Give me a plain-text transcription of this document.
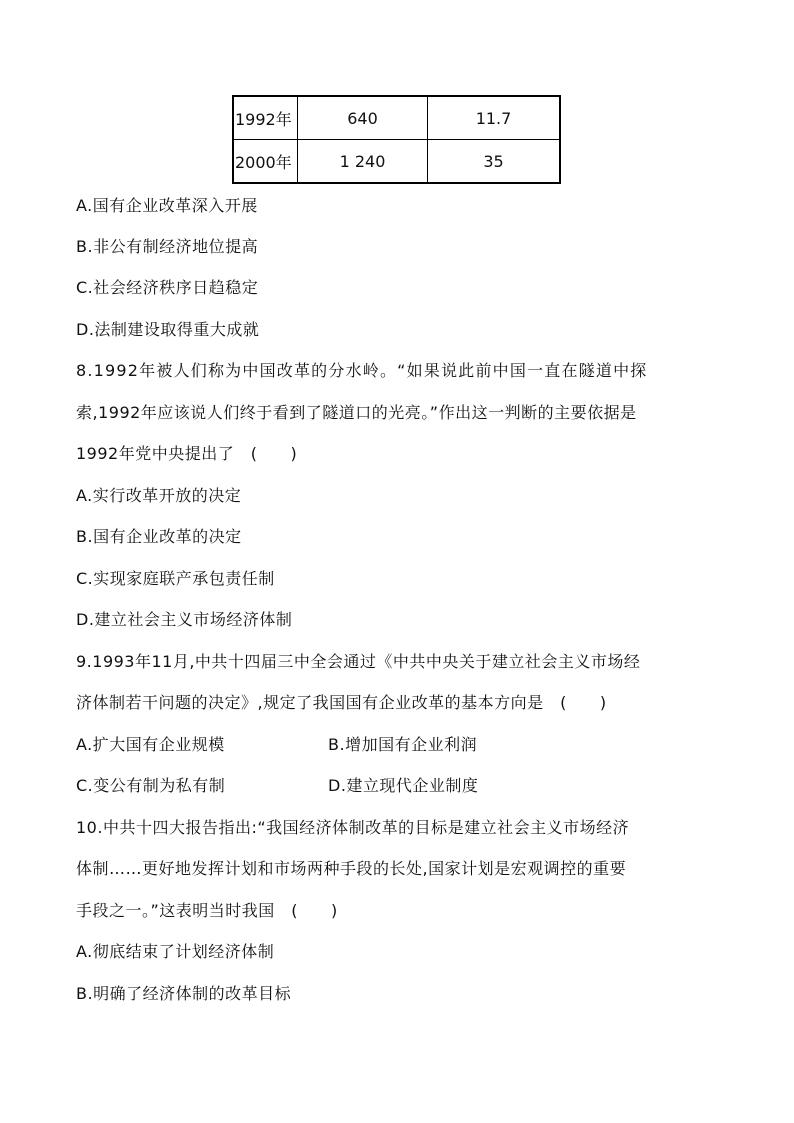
1992年	640	11.7
2000年	1 240	35
A.国有企业改革深入开展
B.非公有制经济地位提高
C.社会经济秩序日趋稳定
D.法制建设取得重大成就
8.1992年被人们称为中国改革的分水岭。“如果说此前中国一直在隧道中探
索,1992年应该说人们终于看到了隧道口的光亮。”作出这一判断的主要依据是
1992年党中央提出了　(　　)
A.实行改革开放的决定
B.国有企业改革的决定
C.实现家庭联产承包责任制
D.建立社会主义市场经济体制
9.1993年11月,中共十四届三中全会通过《中共中央关于建立社会主义市场经
济体制若干问题的决定》,规定了我国国有企业改革的基本方向是　(　　)
A.扩大国有企业规模	B.增加国有企业利润
C.变公有制为私有制	D.建立现代企业制度
10.中共十四大报告指出:“我国经济体制改革的目标是建立社会主义市场经济
体制……更好地发挥计划和市场两种手段的长处,国家计划是宏观调控的重要
手段之一。”这表明当时我国　(　　)
A.彻底结束了计划经济体制
B.明确了经济体制的改革目标
